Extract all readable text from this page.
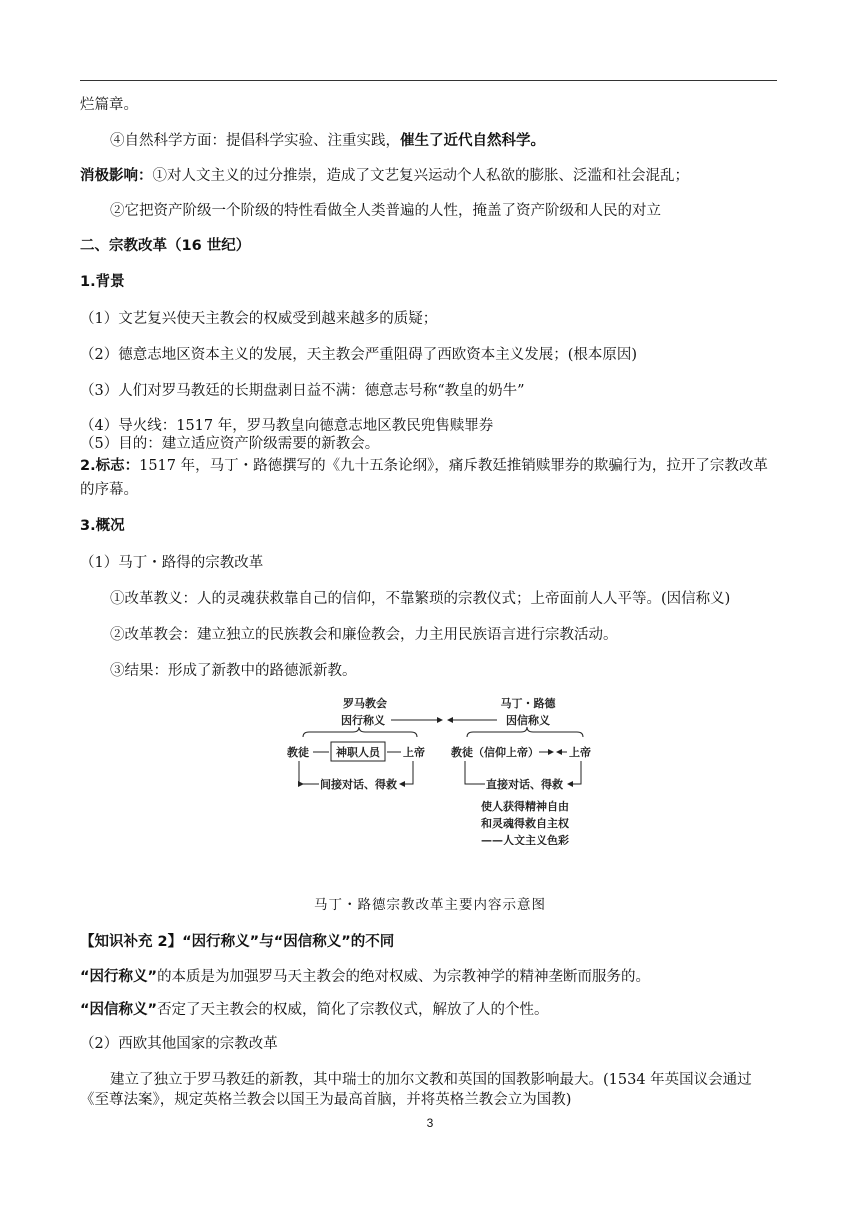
烂篇章。
④自然科学方面：提倡科学实验、注重实践，催生了近代自然科学。
消极影响：①对人文主义的过分推崇，造成了文艺复兴运动个人私欲的膨胀、泛滥和社会混乱；
②它把资产阶级一个阶级的特性看做全人类普遍的人性，掩盖了资产阶级和人民的对立
二、宗教改革（16 世纪）
1.背景
（1）文艺复兴使天主教会的权威受到越来越多的质疑；
（2）德意志地区资本主义的发展，天主教会严重阻碍了西欧资本主义发展；(根本原因)
（3）人们对罗马教廷的长期盘剥日益不满：德意志号称“教皇的奶牛”
（4）导火线：1517 年，罗马教皇向德意志地区教民兜售赎罪券
（5）目的：建立适应资产阶级需要的新教会。
2.标志：1517 年，马丁・路德撰写的《九十五条论纲》，痛斥教廷推销赎罪券的欺骗行为，拉开了宗教改革的序幕。
3.概况
（1）马丁・路得的宗教改革
①改革教义：人的灵魂获救靠自己的信仰，不靠繁琐的宗教仪式；上帝面前人人平等。(因信称义)
②改革教会：建立独立的民族教会和廉俭教会，力主用民族语言进行宗教活动。
③结果：形成了新教中的路德派新教。
罗马教会
因行称义
马丁・路德
因信称义
教徒 神职人员 上帝
间接对话、得救
教徒（信仰上帝）	上帝
直接对话、得救
使人获得精神自由
和灵魂得救自主权
——人文主义色彩
马丁・路德宗教改革主要内容示意图
【知识补充 2】“因行称义”与“因信称义”的不同
“因行称义”的本质是为加强罗马天主教会的绝对权威、为宗教神学的精神垄断而服务的。
“因信称义”否定了天主教会的权威，简化了宗教仪式，解放了人的个性。
（2）西欧其他国家的宗教改革
建立了独立于罗马教廷的新教，其中瑞士的加尔文教和英国的国教影响最大。(1534 年英国议会通过
《至尊法案》，规定英格兰教会以国王为最高首脑，并将英格兰教会立为国教)
3
